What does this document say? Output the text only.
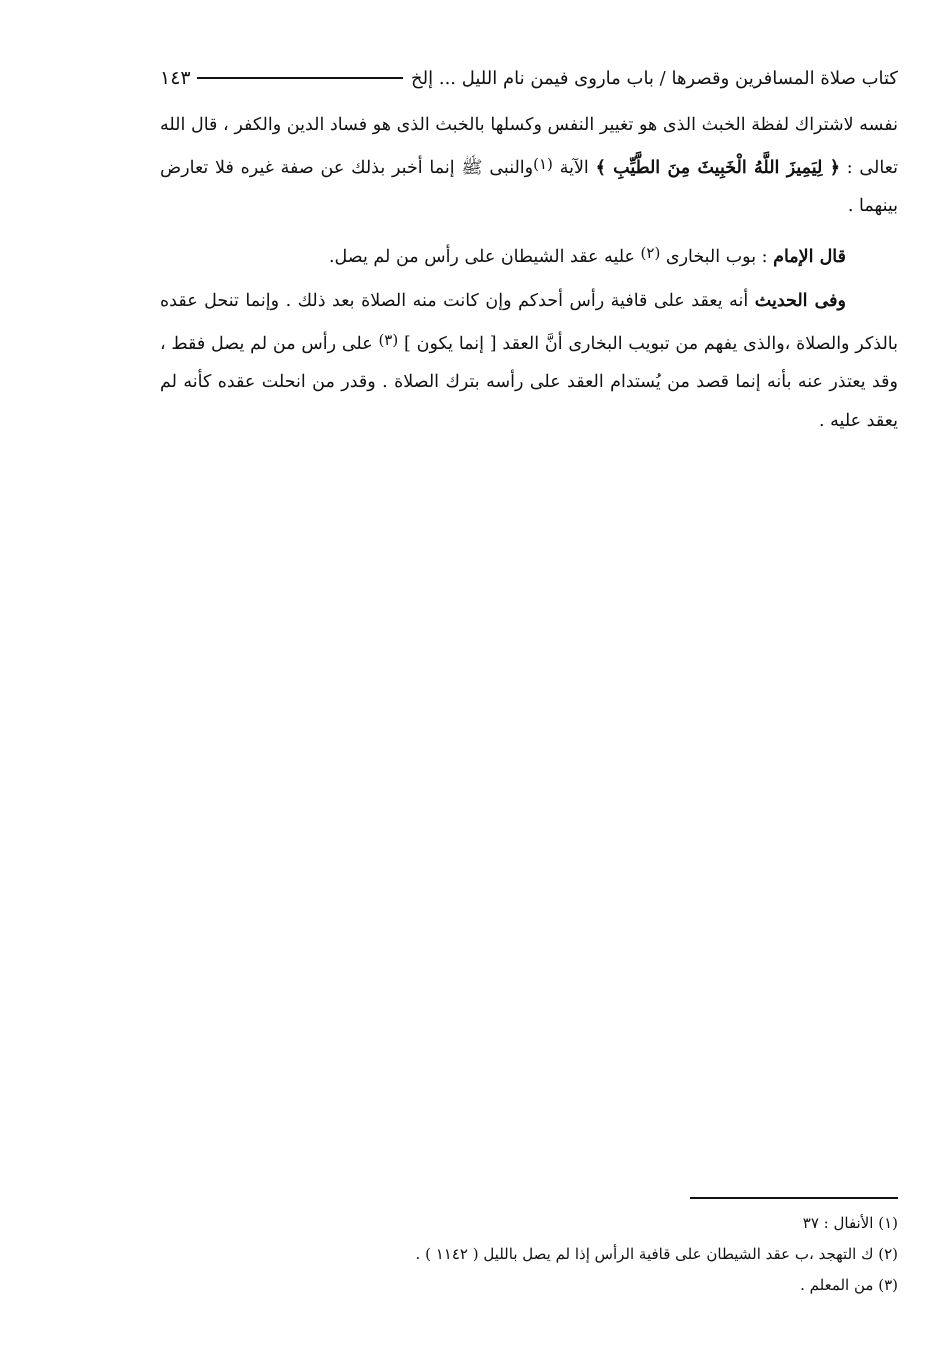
كتاب صلاة المسافرين وقصرها / باب ماروى فيمن نام الليل ... إلخ
١٤٣

نفسه لاشتراك لفظة الخبث الذى هو تغيير النفس وكسلها بالخبث الذى هو فساد الدين والكفر ، قال الله تعالى : ﴿ لِيَمِيزَ اللَّهُ الْخَبِيثَ مِنَ الطَّيِّبِ ﴾ الآية (١)والنبى ﷺ إنما أخبر بذلك عن صفة غيره فلا تعارض بينهما .

قال الإمام : بوب البخارى (٢) عليه عقد الشيطان على رأس من لم يصل.

وفى الحديث أنه يعقد على قافية رأس أحدكم وإن كانت منه الصلاة بعد ذلك . وإنما تنحل عقده بالذكر والصلاة ،والذى يفهم من تبويب البخارى أنَّ العقد [ إنما يكون ] (٣) على رأس من لم يصل فقط ، وقد يعتذر عنه بأنه إنما قصد من يُستدام العقد على رأسه بترك الصلاة . وقدر من انحلت عقده كأنه لم يعقد عليه .

(١) الأنفال : ٣٧
(٢) ك التهجد ،ب عقد الشيطان على قافية الرأس إذا لم يصل بالليل ( ١١٤٢ ) .
(٣) من المعلم .
